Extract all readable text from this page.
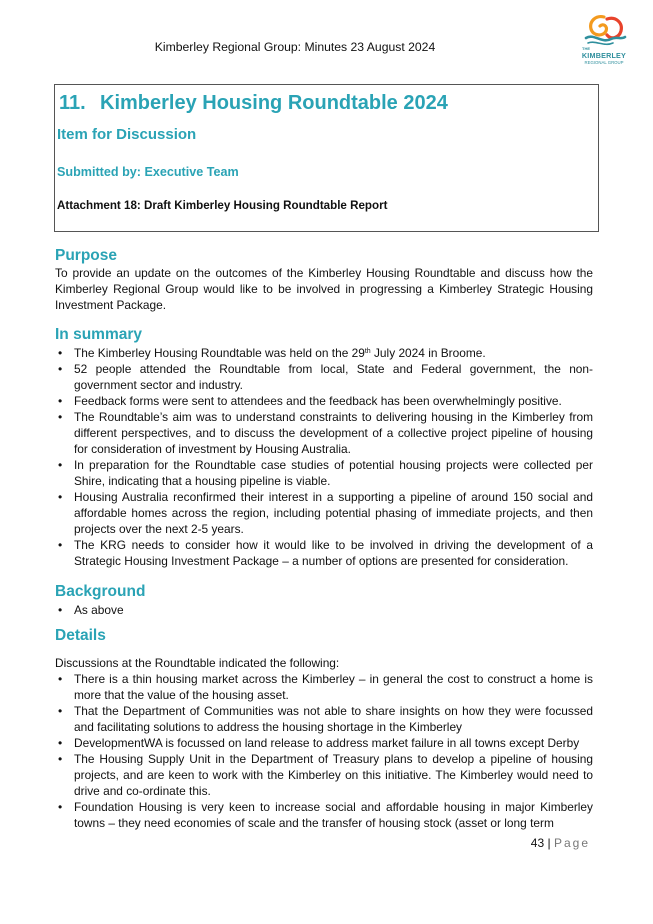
Kimberley Regional Group: Minutes 23 August 2024	THE
KIMBERLEY
REGIONAL GROUP
11. Kimberley Housing Roundtable 2024
Item for Discussion
Submitted by: Executive Team
Attachment 18: Draft Kimberley Housing Roundtable Report
Purpose
To provide an update on the outcomes of the Kimberley Housing Roundtable and discuss how the Kimberley Regional Group would like to be involved in progressing a Kimberley Strategic Housing Investment Package.
In summary
• The Kimberley Housing Roundtable was held on the 29th July 2024 in Broome.
• 52 people attended the Roundtable from local, State and Federal government, the non-government sector and industry.
• Feedback forms were sent to attendees and the feedback has been overwhelmingly positive.
• The Roundtable’s aim was to understand constraints to delivering housing in the Kimberley from different perspectives, and to discuss the development of a collective project pipeline of housing for consideration of investment by Housing Australia.
• In preparation for the Roundtable case studies of potential housing projects were collected per Shire, indicating that a housing pipeline is viable.
• Housing Australia reconfirmed their interest in a supporting a pipeline of around 150 social and affordable homes across the region, including potential phasing of immediate projects, and then projects over the next 2-5 years.
• The KRG needs to consider how it would like to be involved in driving the development of a Strategic Housing Investment Package – a number of options are presented for consideration.
Background
• As above
Details
Discussions at the Roundtable indicated the following:
• There is a thin housing market across the Kimberley – in general the cost to construct a home is more that the value of the housing asset.
• That the Department of Communities was not able to share insights on how they were focussed and facilitating solutions to address the housing shortage in the Kimberley
• DevelopmentWA is focussed on land release to address market failure in all towns except Derby
• The Housing Supply Unit in the Department of Treasury plans to develop a pipeline of housing projects, and are keen to work with the Kimberley on this initiative. The Kimberley would need to drive and co-ordinate this.
• Foundation Housing is very keen to increase social and affordable housing in major Kimberley towns – they need economies of scale and the transfer of housing stock (asset or long term
43 | Page
